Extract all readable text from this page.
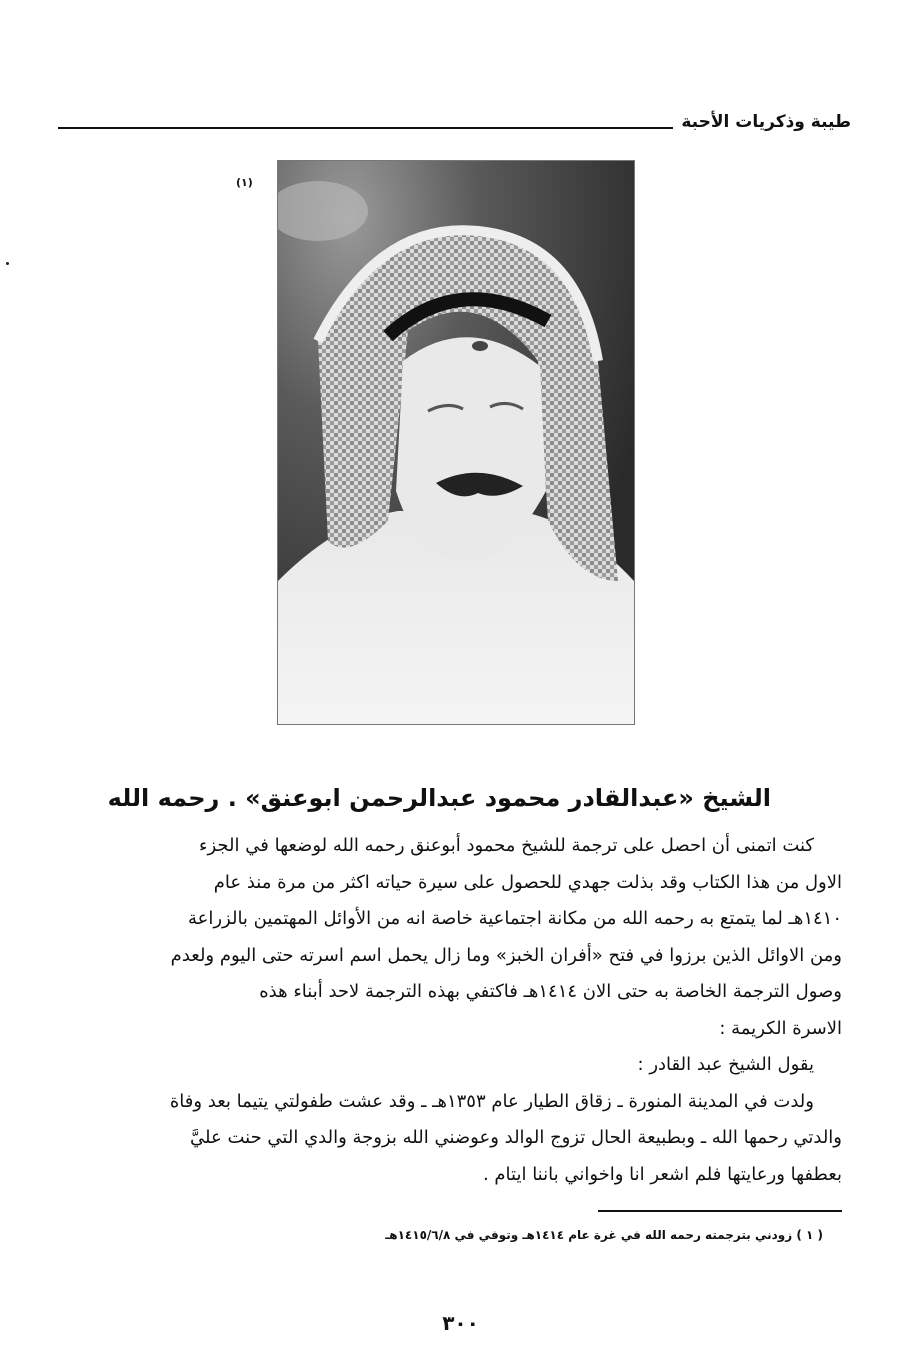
طيبة وذكريات الأحبة
(١)
الشيخ «عبدالقادر محمود عبدالرحمن ابوعنق» . رحمه الله
كنت اتمنى أن احصل على ترجمة للشيخ محمود أبوعنق رحمه الله لوضعها في الجزء
الاول من هذا الكتاب وقد بذلت جهدي للحصول على سيرة حياته اكثر من مرة منذ عام
١٤١٠هـ لما يتمتع به رحمه الله من مكانة اجتماعية خاصة انه من الأوائل المهتمين بالزراعة
ومن الاوائل الذين برزوا في فتح «أفران الخبز» وما زال يحمل اسم اسرته حتى اليوم ولعدم
وصول الترجمة الخاصة به حتى الان ١٤١٤هـ فاكتفي بهذه الترجمة لاحد أبناء هذه
الاسرة الكريمة :
يقول الشيخ عبد القادر :
ولدت في المدينة المنورة ـ زقاق الطيار عام ١٣٥٣هـ ـ وقد عشت طفولتي يتيما بعد وفاة
والدتي رحمها الله ـ وبطبيعة الحال تزوج الوالد وعوضني الله بزوجة والدي التي حنت عليَّ
بعطفها ورعايتها فلم اشعر انا واخواني باننا ايتام .
( ١ ) زودني بترجمته رحمه الله في غرة عام ١٤١٤هـ وتوفي في ١٤١٥/٦/٨هـ
٣٠٠
